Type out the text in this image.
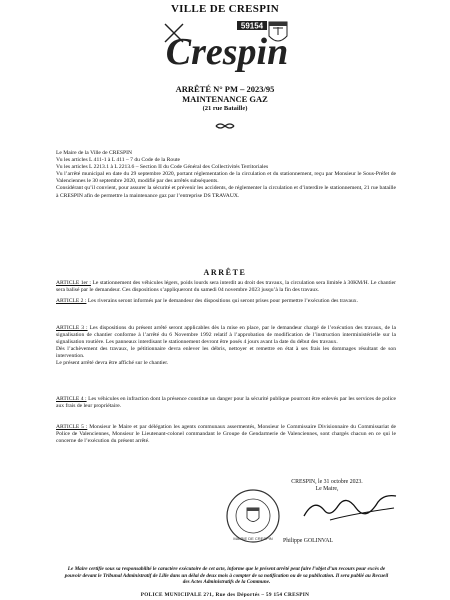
VILLE DE CRESPIN
59154
Crespin
ARRÊTÉ N° PM – 2023/95
MAINTENANCE GAZ
(21 rue Bataille)

Le Maire de la Ville de CRESPIN

Vu les articles L 411-1 à L 411 – 7 du Code de la Route

Vu les articles L 2213.1 à L 2213.6 – Section II du Code Général des Collectivités Territoriales

Vu l’arrêté municipal en date du 29 septembre 2020, portant réglementation de la circulation et du stationnement, reçu par Monsieur le Sous-Préfet de Valenciennes le 30 septembre 2020, modifié par des arrêtés subséquents.

Considérant qu’il convient, pour assurer la sécurité et prévenir les accidents, de réglementer la circulation et d’interdire le stationnement, 21 rue bataille à CRESPIN afin de permettre la maintenance gaz par l’entreprise DS TRAVAUX.

ARRÊTE

ARTICLE 1er : Le stationnement des véhicules légers, poids lourds sera interdit au droit des travaux, la circulation sera limitée à 30KM/H. Le chantier sera balisé par le demandeur. Ces dispositions s’appliqueront du samedi 04 novembre 2023 jusqu’à la fin des travaux.

ARTICLE 2 : Les riverains seront informés par le demandeur des dispositions qui seront prises pour permettre l’exécution des travaux.

ARTICLE 3 : Les dispositions du présent arrêté seront applicables dès la mise en place, par le demandeur chargé de l’exécution des travaux, de la signalisation de chantier conforme à l’arrêté du 6 Novembre 1992 relatif à l’approbation de modification de l’instruction interministérielle sur la signalisation routière. Les panneaux interdisant le stationnement devront être posés 4 jours avant la date du début des travaux.

Dès l’achèvement des travaux, le pétitionnaire devra enlever les débris, nettoyer et remettre en état à ses frais les dommages résultant de son intervention.

Le présent arrêté devra être affiché sur le chantier.

ARTICLE 4 : Les véhicules en infraction dont la présence constitue un danger pour la sécurité publique pourront être enlevés par les services de police aux frais de leur propriétaire.

ARTICLE 5 : Monsieur le Maire et par délégation les agents communaux assermentés, Monsieur le Commissaire Divisionnaire du Commissariat de Police de Valenciennes, Monsieur le Lieutenant-colonel commandant le Groupe de Gendarmerie de Valenciennes, sont chargés chacun en ce qui le concerne de l’exécution du présent arrêté.

CRESPIN, le 31 octobre 2023.
Le Maire,
MAIRIE DE CRESPIN Philippe GOLINVAL
Le Maire certifie sous sa responsabilité le caractère exécutoire de cet acte, informe que le présent arrêté peut faire l’objet d’un recours pour excès de pouvoir devant le Tribunal Administratif de Lille dans un délai de deux mois à compter de sa notification ou de sa publication. Il sera publié au Recueil des Actes Administratifs de la Commune.
POLICE MUNICIPALE 2?1, Rue des Déportés – 59 154 CRESPIN
